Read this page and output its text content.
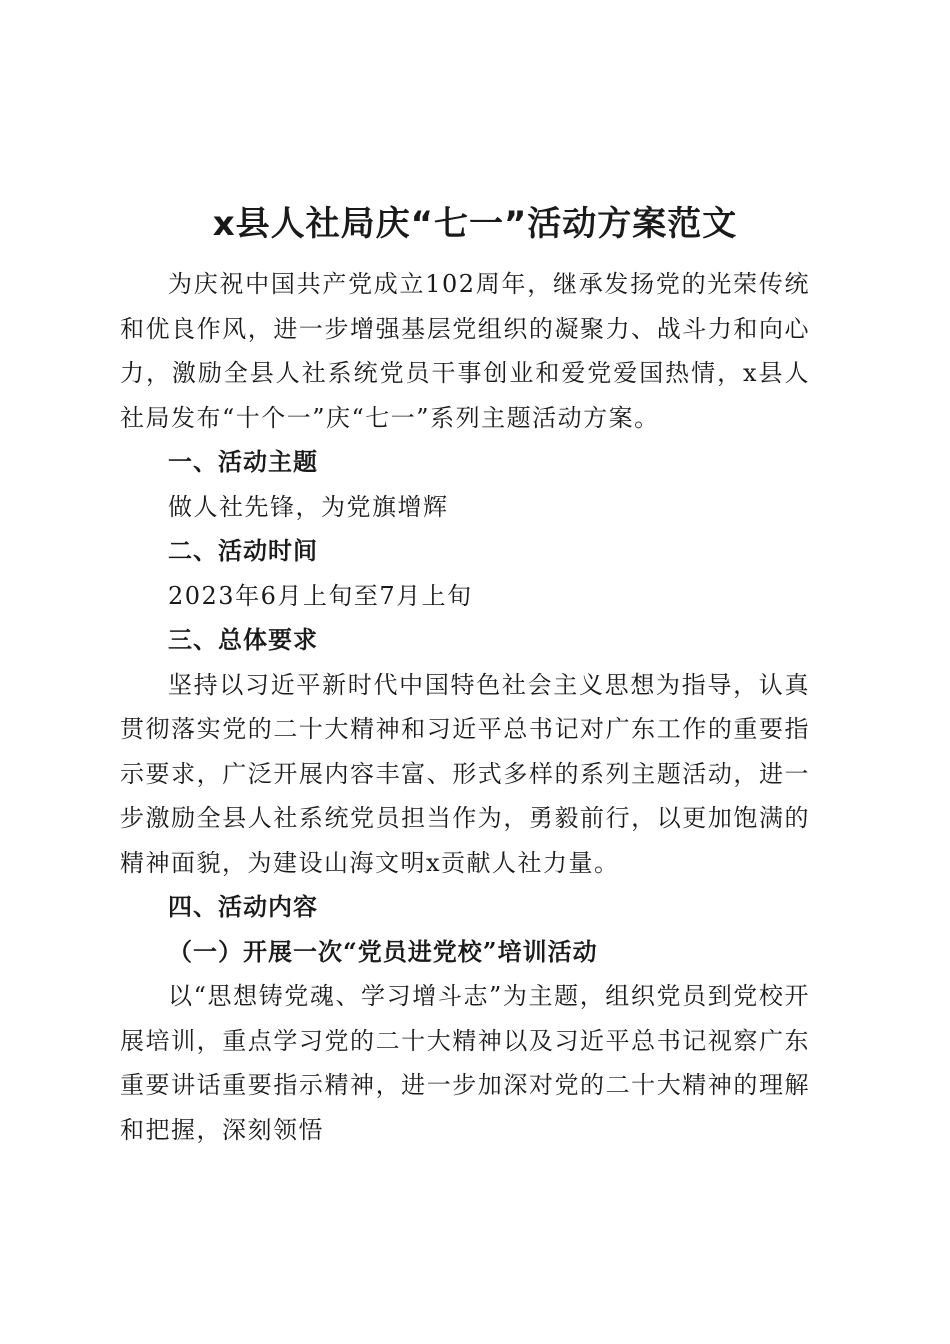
x县人社局庆“七一”活动方案范文

为庆祝中国共产党成立102周年，继承发扬党的光荣传统和优良作风，进一步增强基层党组织的凝聚力、战斗力和向心力，激励全县人社系统党员干事创业和爱党爱国热情，x县人社局发布“十个一”庆“七一”系列主题活动方案。

一、活动主题

做人社先锋，为党旗增辉

二、活动时间

2023年6月上旬至7月上旬

三、总体要求

坚持以习近平新时代中国特色社会主义思想为指导，认真贯彻落实党的二十大精神和习近平总书记对广东工作的重要指示要求，广泛开展内容丰富、形式多样的系列主题活动，进一步激励全县人社系统党员担当作为，勇毅前行，以更加饱满的精神面貌，为建设山海文明x贡献人社力量。

四、活动内容

（一）开展一次“党员进党校”培训活动

以“思想铸党魂、学习增斗志”为主题，组织党员到党校开展培训，重点学习党的二十大精神以及习近平总书记视察广东重要讲话重要指示精神，进一步加深对党的二十大精神的理解和把握，深刻领悟
